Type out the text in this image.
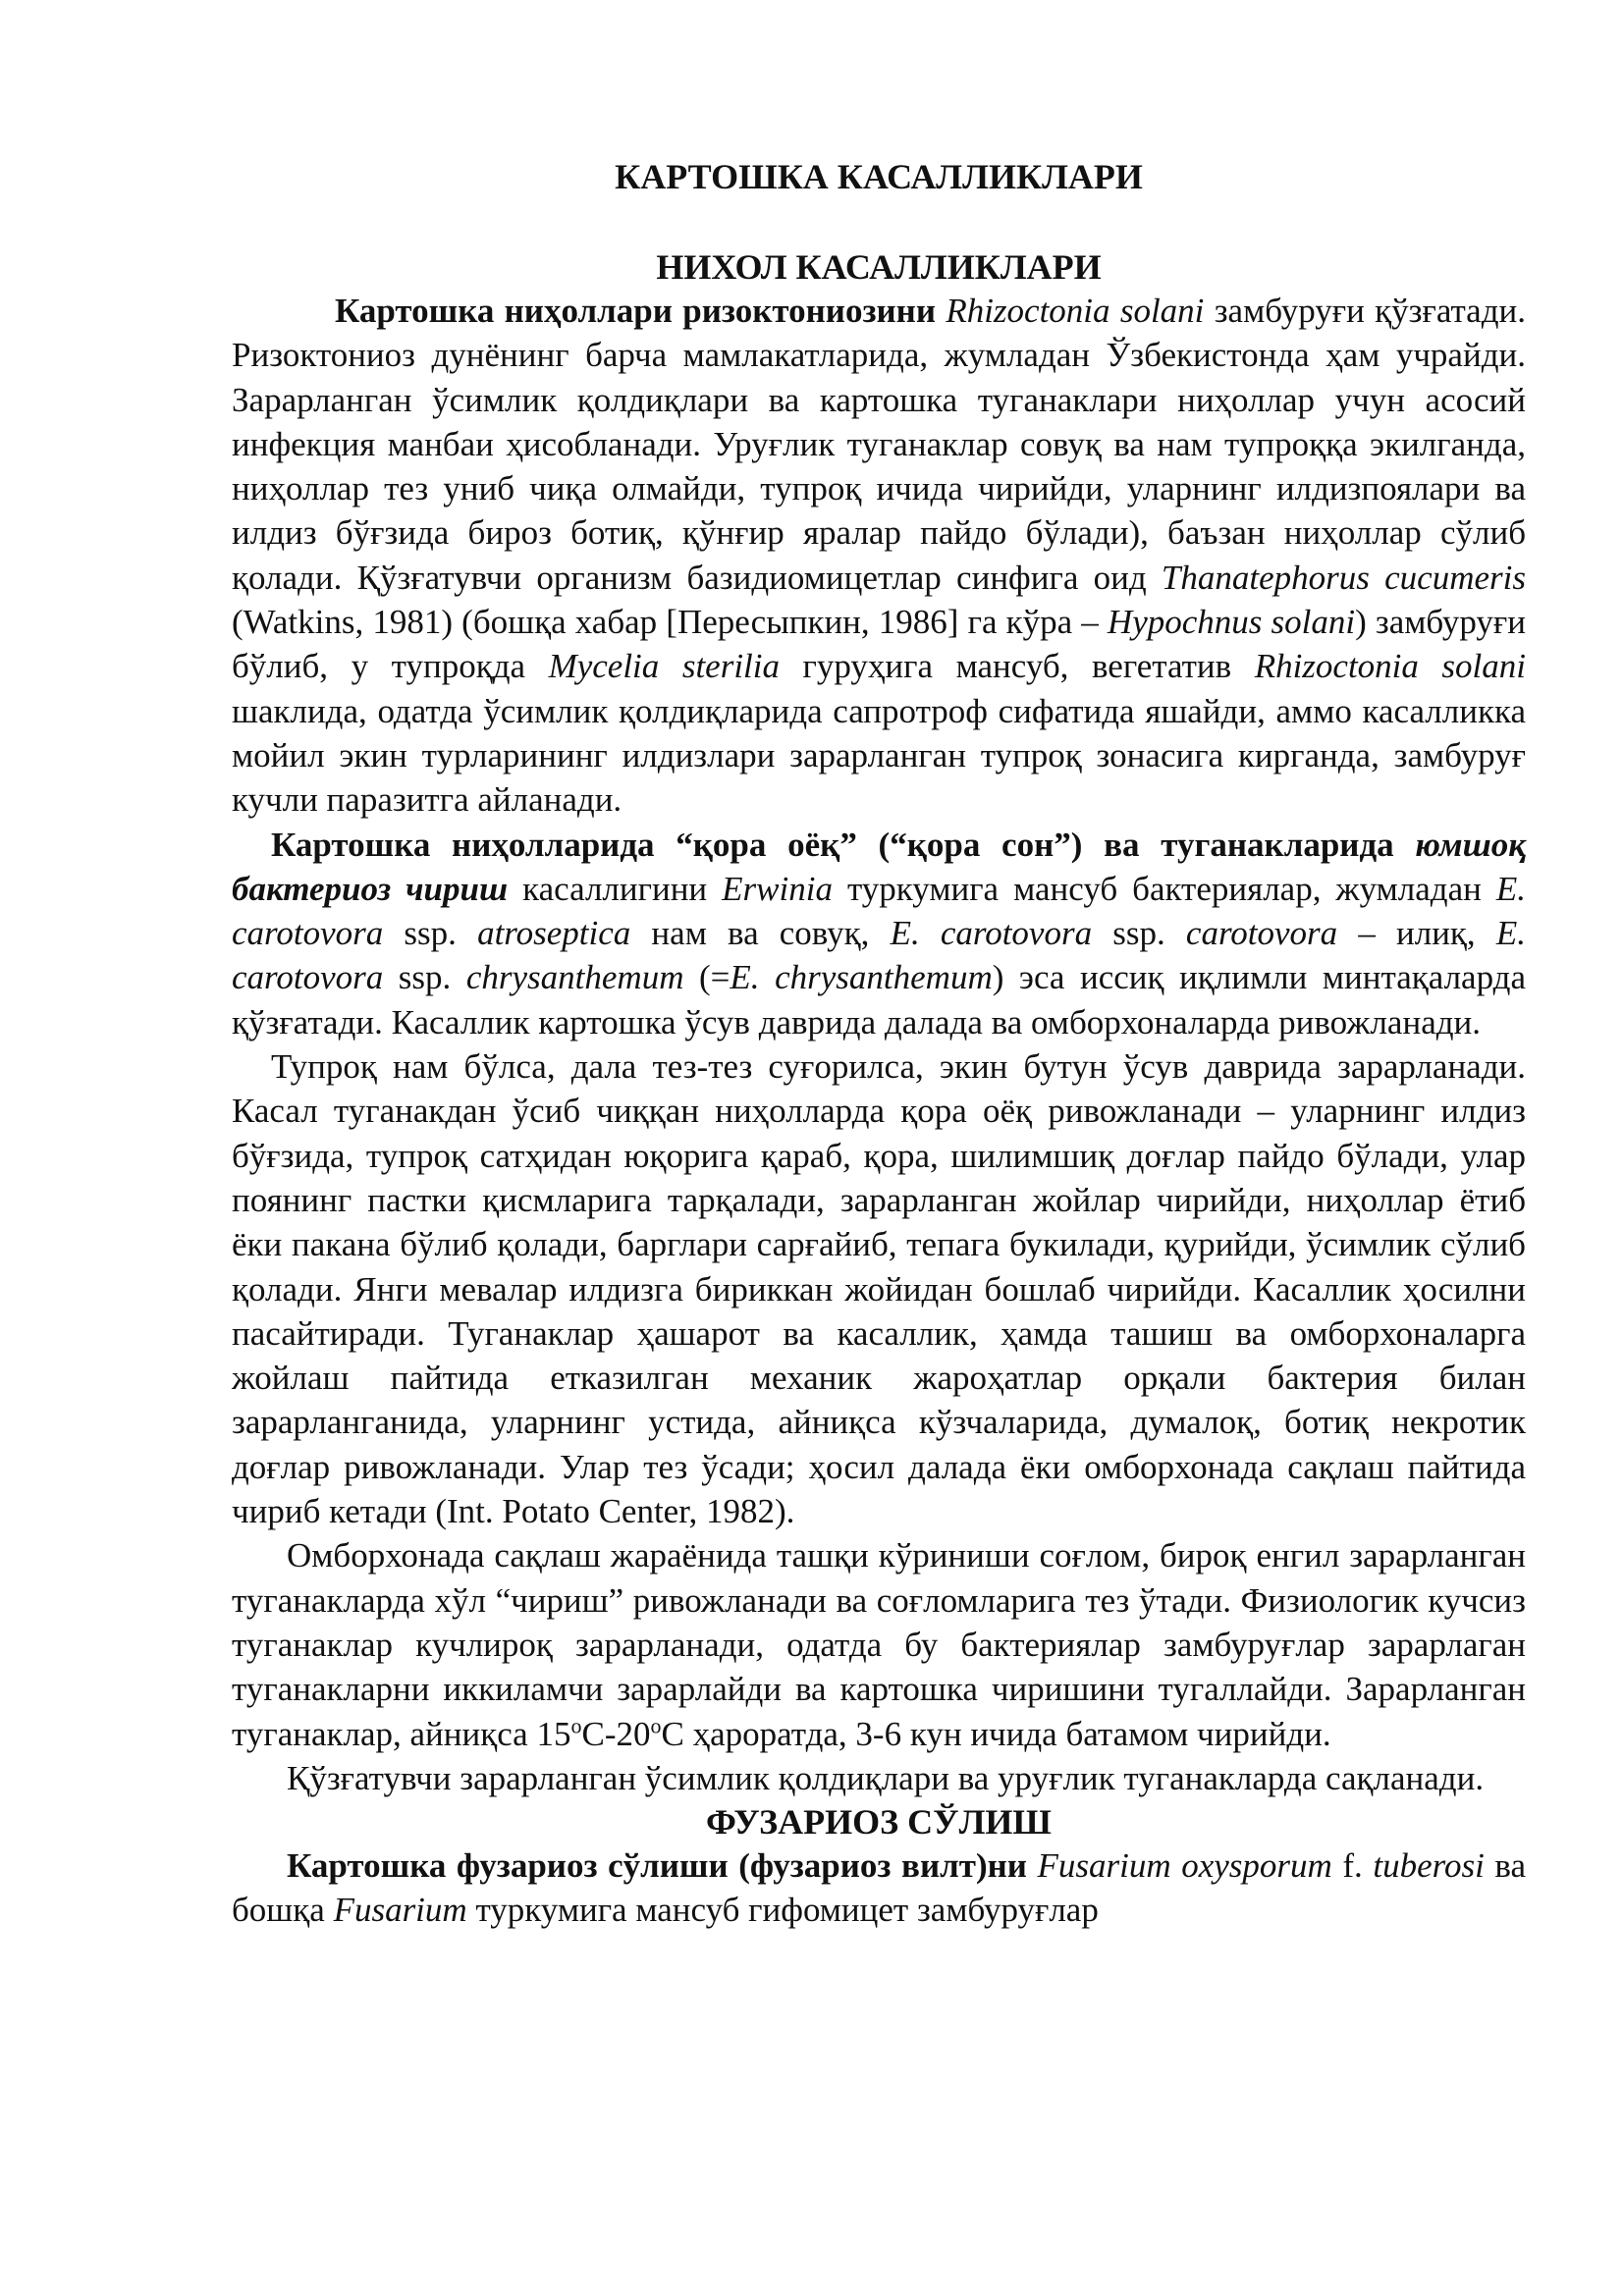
КАРТОШКА КАСАЛЛИКЛАРИ
НИХОЛ КАСАЛЛИКЛАРИ

Картошка ниҳоллари ризоктониозини Rhizoctonia solani замбуруғи қўзғатади. Ризоктониоз дунёнинг барча мамлакатларида, жумладан Ўзбекистонда ҳам учрайди. Зарарланган ўсимлик қолдиқлари ва картошка туганаклари ниҳоллар учун асосий инфекция манбаи ҳисобланади. Уруғлик туганаклар совуқ ва нам тупроққа экилганда, ниҳоллар тез униб чиқа олмайди, тупроқ ичида чирийди, уларнинг илдизпоялари ва илдиз бўғзида бироз ботиқ, қўнғир яралар пайдо бўлади), баъзан ниҳоллар сўлиб қолади. Қўзғатувчи организм базидиомицетлар синфига оид Thanatephorus cucumeris (Watkins, 1981) (бошқа хабар [Пересыпкин, 1986] га кўра – Hypochnus solani) замбуруғи бўлиб, у тупроқда Mycelia sterilia гуруҳига мансуб, вегетатив Rhizoctonia solani шаклида, одатда ўсимлик қолдиқларида сапротроф сифатида яшайди, аммо касалликка мойил экин турларининг илдизлари зарарланган тупроқ зонасига кирганда, замбуруғ кучли паразитга айланади.

Картошка ниҳолларида “қора оёқ” (“қора сон”) ва туганакларида юмшоқ бактериоз чириш касаллигини Erwinia туркумига мансуб бактериялар, жумладан E. carotovora ssp. atroseptica нам ва совуқ, E. carotovora ssp. carotovora – илиқ, E. carotovora ssp. chrysanthemum (=E. chrysanthemum) эса иссиқ иқлимли минтақаларда қўзғатади. Касаллик картошка ўсув даврида далада ва омборхоналарда ривожланади.

Тупроқ нам бўлса, дала тез-тез суғорилса, экин бутун ўсув даврида зарарланади. Касал туганакдан ўсиб чиққан ниҳолларда қора оёқ ривожланади – уларнинг илдиз бўғзида, тупроқ сатҳидан юқорига қараб, қора, шилимшиқ доғлар пайдо бўлади, улар поянинг пастки қисмларига тарқалади, зарарланган жойлар чирийди, ниҳоллар ётиб ёки пакана бўлиб қолади, барглари сарғайиб, тепага букилади, қурийди, ўсимлик сўлиб қолади. Янги мевалар илдизга бириккан жойидан бошлаб чирийди. Касаллик ҳосилни пасайтиради. Туганаклар ҳашарот ва касаллик, ҳамда ташиш ва омборхоналарга жойлаш пайтида етказилган механик жароҳатлар орқали бактерия билан зарарланганида, уларнинг устида, айниқса кўзчаларида, думалоқ, ботиқ некротик доғлар ривожланади. Улар тез ўсади; ҳосил далада ёки омборхонада сақлаш пайтида чириб кетади (Int. Potato Center, 1982).

Омборхонада сақлаш жараёнида ташқи кўриниши соғлом, бироқ енгил зарарланган туганакларда хўл “чириш” ривожланади ва соғломларига тез ўтади. Физиологик кучсиз туганаклар кучлироқ зарарланади, одатда бу бактериялар замбуруғлар зарарлаган туганакларни иккиламчи зарарлайди ва картошка чиришини тугаллайди. Зарарланган туганаклар, айниқса 15$^o$С-20$^o$С ҳароратда, 3-6 кун ичида батамом чирийди.

Қўзғатувчи зарарланган ўсимлик қолдиқлари ва уруғлик туганакларда сақланади.

ФУЗАРИОЗ СЎЛИШ

Картошка фузариоз сўлиши (фузариоз вилт)ни Fusarium oxysporum f. tuberosi ва бошқа Fusarium туркумига мансуб гифомицет замбуруғлар
